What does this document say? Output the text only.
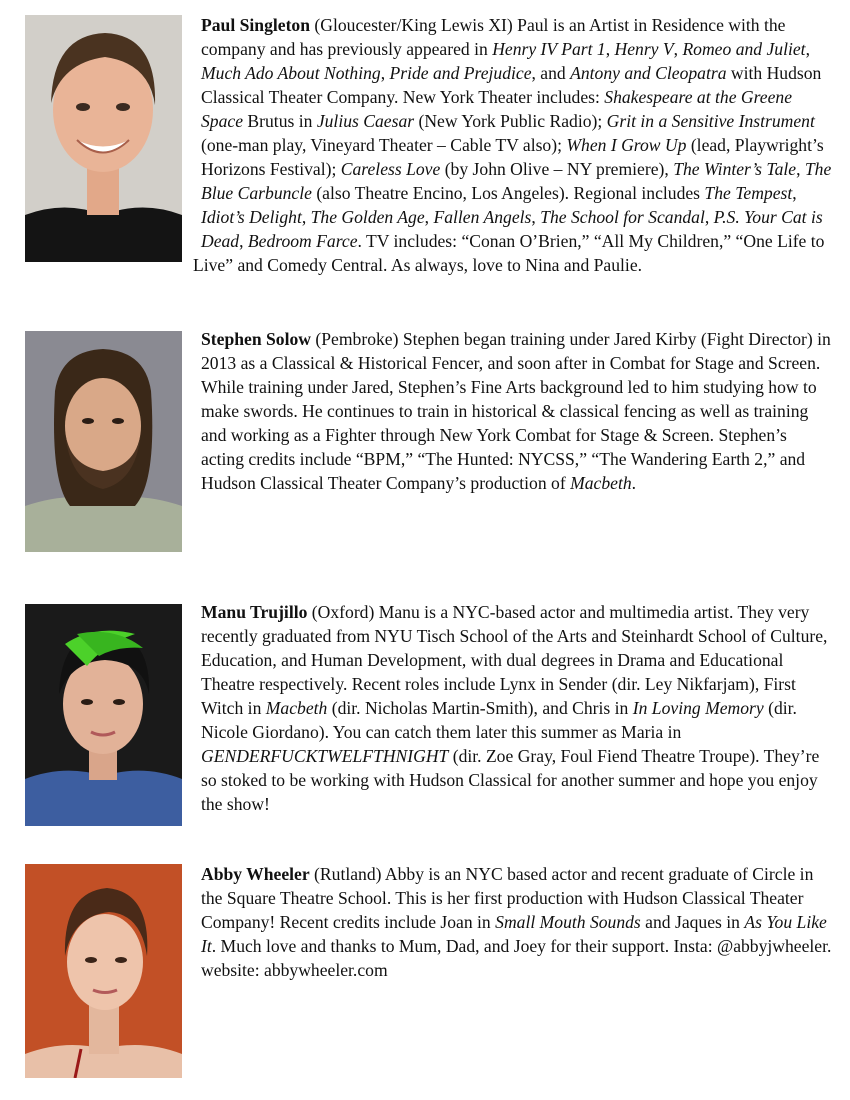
Paul Singleton (Gloucester/King Lewis XI) Paul is an Artist in Residence with the company and has previously appeared in Henry IV Part 1, Henry V, Romeo and Juliet, Much Ado About Nothing, Pride and Prejudice, and Antony and Cleopatra with Hudson Classical Theater Company. New York Theater includes: Shakespeare at the Greene Space Brutus in Julius Caesar (New York Public Radio); Grit in a Sensitive Instrument (one-man play, Vineyard Theater – Cable TV also); When I Grow Up (lead, Playwright’s Horizons Festival); Careless Love (by John Olive – NY premiere), The Winter’s Tale, The Blue Carbuncle (also Theatre Encino, Los Angeles). Regional includes The Tempest, Idiot’s Delight, The Golden Age, Fallen Angels, The School for Scandal, P.S. Your Cat is Dead, Bedroom Farce. TV includes: “Conan O’Brien,” “All My Children,” “One Life to
Live” and Comedy Central. As always, love to Nina and Paulie.

Stephen Solow (Pembroke) Stephen began training under Jared Kirby (Fight Director) in 2013 as a Classical & Historical Fencer, and soon after in Combat for Stage and Screen. While training under Jared, Stephen’s Fine Arts background led to him studying how to make swords. He continues to train in historical & classical fencing as well as training and working as a Fighter through New York Combat for Stage & Screen. Stephen’s acting credits include “BPM,” “The Hunted: NYCSS,” “The Wandering Earth 2,” and Hudson Classical Theater Company’s production of Macbeth.

Manu Trujillo (Oxford) Manu is a NYC-based actor and multimedia artist. They very recently graduated from NYU Tisch School of the Arts and Steinhardt School of Culture, Education, and Human Development, with dual degrees in Drama and Educational Theatre respectively. Recent roles include Lynx in Sender (dir. Ley Nikfarjam), First Witch in Macbeth (dir. Nicholas Martin-Smith), and Chris in In Loving Memory (dir. Nicole Giordano). You can catch them later this summer as Maria in GENDERFUCKTWELFTHNIGHT (dir. Zoe Gray, Foul Fiend Theatre Troupe). They’re so stoked to be working with Hudson Classical for another summer and hope you enjoy the show!

Abby Wheeler (Rutland) Abby is an NYC based actor and recent graduate of Circle in the Square Theatre School. This is her first production with Hudson Classical Theater Company! Recent credits include Joan in Small Mouth Sounds and Jaques in As You Like It. Much love and thanks to Mum, Dad, and Joey for their support. Insta: @abbyjwheeler. website: abbywheeler.com
